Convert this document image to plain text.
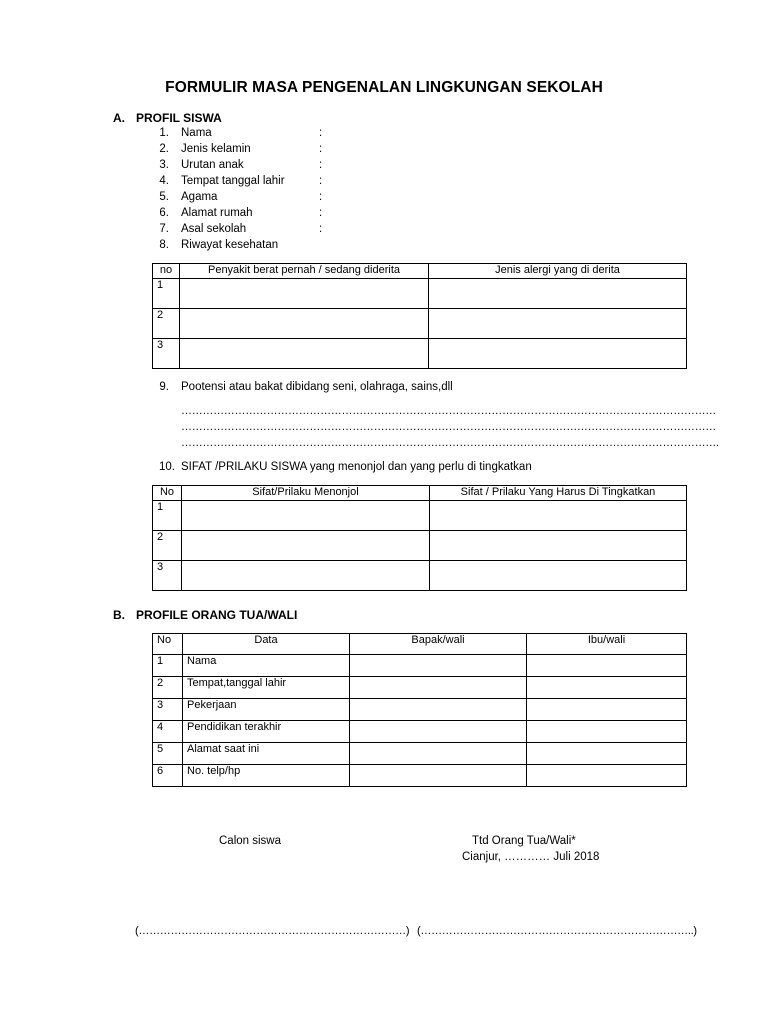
FORMULIR MASA PENGENALAN LINGKUNGAN SEKOLAH
A. PROFIL SISWA
no	Penyakit berat pernah / sedang diderita	Jenis alergi yang di derita
1		
2		
3		
9. Pootensi atau bakat dibidang seni, olahraga, sains,dll
……………………………………………………………………………………………………………………………………
……………………………………………………………………………………………………………………………………
…………………………………………………………………………………………………………………………………….
10. SIFAT /PRILAKU SISWA yang menonjol dan yang perlu di tingkatkan
No	Sifat/Prilaku Menonjol	Sifat / Prilaku Yang Harus Di Tingkatkan
1		
2		
3		
B. PROFILE ORANG TUA/WALI
No	Data	Bapak/wali	Ibu/wali
1	Nama		
2	Tempat,tanggal lahir		
3	Pekerjaan		
4	Pendidikan terakhir		
5	Alamat saat ini		
6	No. telp/hp		
Calon siswa	Ttd Orang Tua/Wali*
Cianjur, ………… Juli 2018
(…………………………………………………………………) (…………………………………………………………………..)
1. Nama	:
2. Jenis kelamin	:
3. Urutan anak	:
4. Tempat tanggal lahir	:
5. Agama	:
6. Alamat rumah	:
7. Asal sekolah	:
8. Riwayat kesehatan
